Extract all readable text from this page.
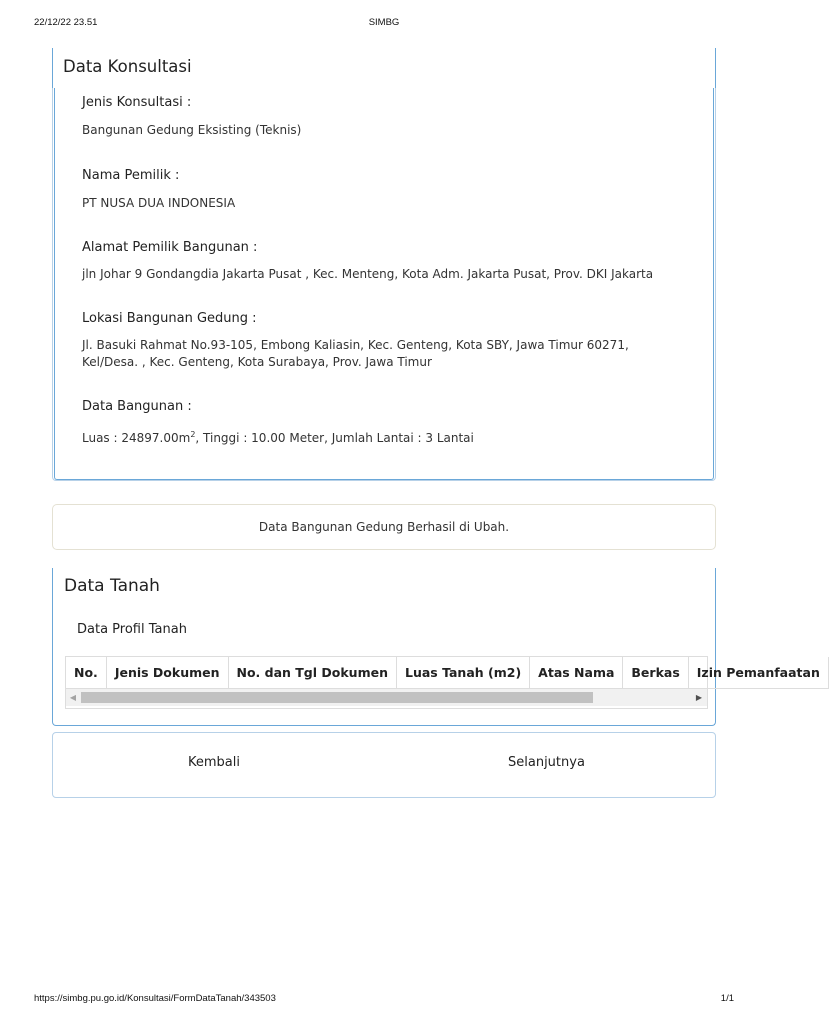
22/12/22 23.51	SIMBG
Data Konsultasi
Jenis Konsultasi :
Bangunan Gedung Eksisting (Teknis)
Nama Pemilik :
PT NUSA DUA INDONESIA
Alamat Pemilik Bangunan :
jln Johar 9 Gondangdia Jakarta Pusat , Kec. Menteng, Kota Adm. Jakarta Pusat, Prov. DKI Jakarta
Lokasi Bangunan Gedung :
Jl. Basuki Rahmat No.93-105, Embong Kaliasin, Kec. Genteng, Kota SBY, Jawa Timur 60271, Kel/Desa. , Kec. Genteng, Kota Surabaya, Prov. Jawa Timur
Data Bangunan :
Luas : $24897.00m^2$, Tinggi : 10.00 Meter, Jumlah Lantai : 3 Lantai
Data Bangunan Gedung Berhasil di Ubah.
Data Tanah
Data Profil Tanah
No.	Jenis Dokumen	No. dan Tgl Dokumen	Luas Tanah (m2)	Atas Nama	Berkas	Izin Pemanfaatan
◀	▶
Kembali	Selanjutnya
https://simbg.pu.go.id/Konsultasi/FormDataTanah/343503	1/1
